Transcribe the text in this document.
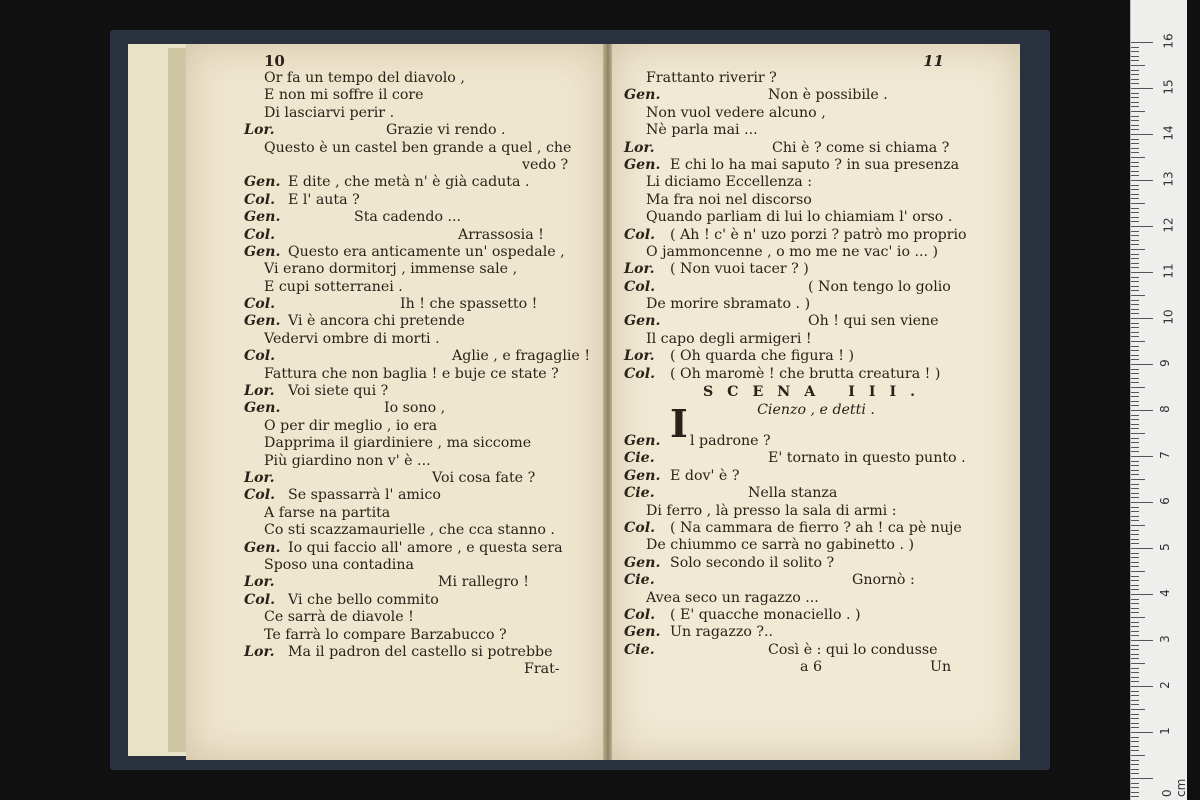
10
Or fa un tempo del diavolo ,
E non mi soffre il core
Di lasciarvi perir .
Lor.	Grazie vi rendo .
Questo è un castel ben grande a quel , che
vedo ?
Gen. E dite , che metà n' è già caduta .
Col. E l' auta ?
Gen.	Sta cadendo ...
Col.	Arrassosia !
Gen. Questo era anticamente un' ospedale ,
Vi erano dormitorj , immense sale ,
E cupi sotterranei .
Col.	Ih ! che spassetto !
Gen. Vi è ancora chi pretende
Vedervi ombre di morti .
Col.	Aglie , e fragaglie !
Fattura che non baglia ! e buje ce state ?
Lor. Voi siete qui ?
Gen.	Io sono ,
O per dir meglio , io era
Dapprima il giardiniere , ma siccome
Più giardino non v' è ...
Lor.	Voi cosa fate ?
Col. Se spassarrà l' amico
A farse na partita
Co sti scazzamaurielle , che cca stanno .
Gen. Io qui faccio all' amore , e questa sera
Sposo una contadina
Lor.	Mi rallegro !
Col. Vi che bello commito
Ce sarrà de diavole !
Te farrà lo compare Barzabucco ?
Lor. Ma il padron del castello si potrebbe
Frat-
11
Frattanto riverir ?
Gen.	Non è possibile .
Non vuol vedere alcuno ,
Nè parla mai ...
Lor.	Chi è ? come si chiama ?
Gen. E chi lo ha mai saputo ? in sua presenza
Li diciamo Eccellenza :
Ma fra noi nel discorso
Quando parliam di lui lo chiamiam l' orso .
Col. ( Ah ! c' è n' uzo porzi ? patrò mo proprio
O jammoncenne , o mo me ne vac' io ... )
Lor. ( Non vuoi tacer ? )
Col.	( Non tengo lo golio
De morire sbramato . )
Gen.	Oh ! qui sen viene
Il capo degli armigeri !
Lor. ( Oh quarda che figura ! )
Col. ( Oh maromè ! che brutta creatura ! )
SCENA III.
Cienzo , e detti .
Gen. l padrone ?
I
Cie.	E' tornato in questo punto .
Gen. E dov' è ?
Cie.	Nella stanza
Di ferro , là presso la sala di armi :
Col. ( Na cammara de fierro ? ah ! ca pè nuje
De chiummo ce sarrà no gabinetto . )
Gen. Solo secondo il solito ?
Cie.	Gnornò :
Avea seco un ragazzo ...
Col. ( E' quacche monaciello . )
Gen. Un ragazzo ?..
Cie.	Così è : qui lo condusse
a 6	Un
16
15
14
13
12
11
10
9
8
7
6
5
4
3
2
1
0 cm
